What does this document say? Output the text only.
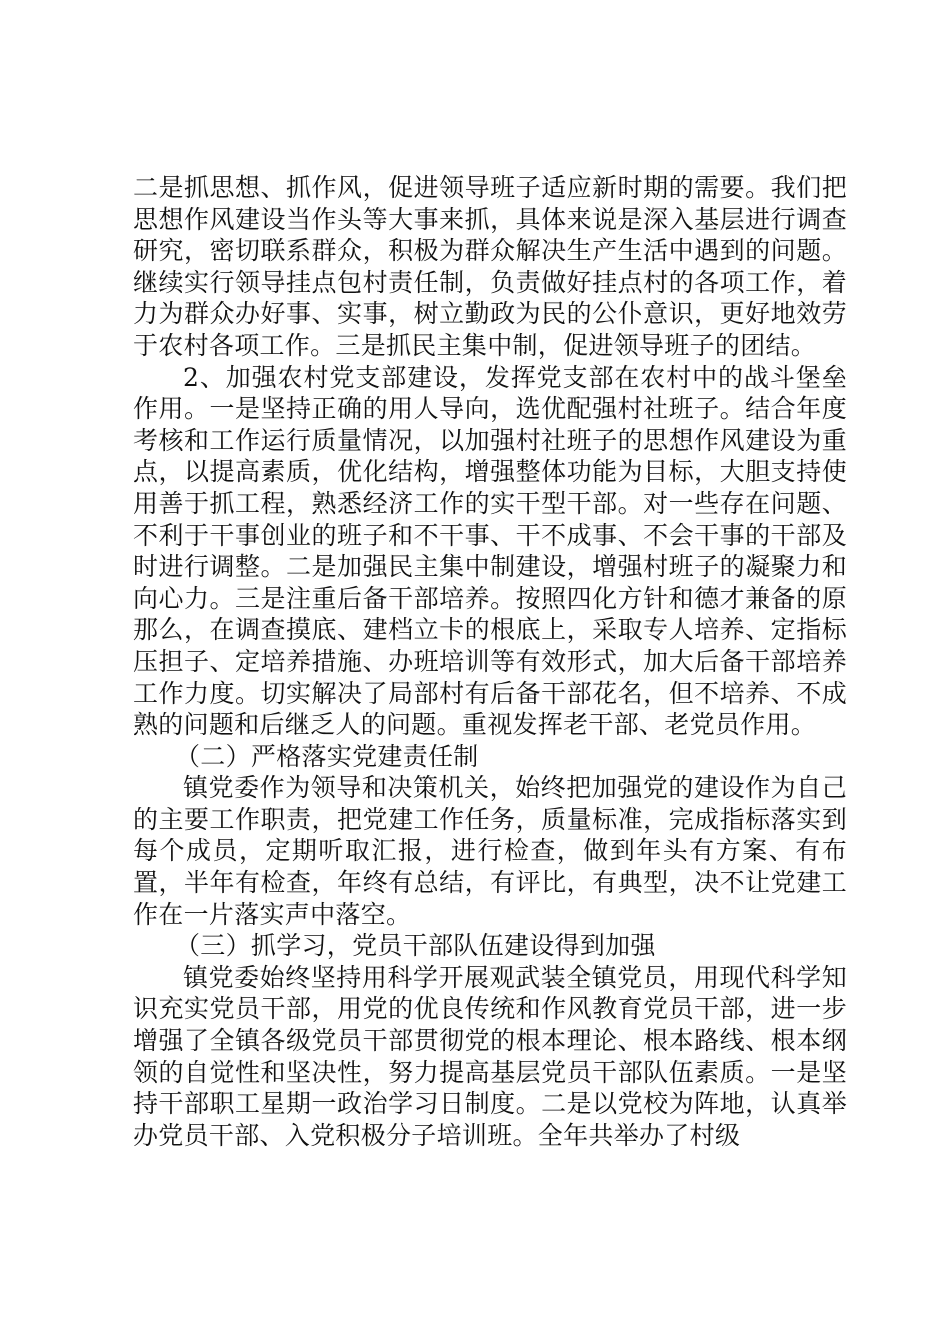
二是抓思想、抓作风，促进领导班子适应新时期的需要。我们把思想作风建设当作头等大事来抓，具体来说是深入基层进行调查研究，密切联系群众，积极为群众解决生产生活中遇到的问题。继续实行领导挂点包村责任制，负责做好挂点村的各项工作，着力为群众办好事、实事，树立勤政为民的公仆意识，更好地效劳于农村各项工作。三是抓民主集中制，促进领导班子的团结。

2、加强农村党支部建设，发挥党支部在农村中的战斗堡垒作用。一是坚持正确的用人导向，选优配强村社班子。结合年度考核和工作运行质量情况，以加强村社班子的思想作风建设为重点，以提高素质，优化结构，增强整体功能为目标，大胆支持使用善于抓工程，熟悉经济工作的实干型干部。对一些存在问题、不利于干事创业的班子和不干事、干不成事、不会干事的干部及时进行调整。二是加强民主集中制建设，增强村班子的凝聚力和向心力。三是注重后备干部培养。按照四化方针和德才兼备的原那么，在调查摸底、建档立卡的根底上，采取专人培养、定指标压担子、定培养措施、办班培训等有效形式，加大后备干部培养工作力度。切实解决了局部村有后备干部花名，但不培养、不成熟的问题和后继乏人的问题。重视发挥老干部、老党员作用。

（二）严格落实党建责任制

镇党委作为领导和决策机关，始终把加强党的建设作为自己的主要工作职责，把党建工作任务，质量标准，完成指标落实到每个成员，定期听取汇报，进行检查，做到年头有方案、有布置，半年有检查，年终有总结，有评比，有典型，决不让党建工作在一片落实声中落空。

（三）抓学习，党员干部队伍建设得到加强

镇党委始终坚持用科学开展观武装全镇党员，用现代科学知识充实党员干部，用党的优良传统和作风教育党员干部，进一步增强了全镇各级党员干部贯彻党的根本理论、根本路线、根本纲领的自觉性和坚决性，努力提高基层党员干部队伍素质。一是坚持干部职工星期一政治学习日制度。二是以党校为阵地，认真举办党员干部、入党积极分子培训班。全年共举办了村级
